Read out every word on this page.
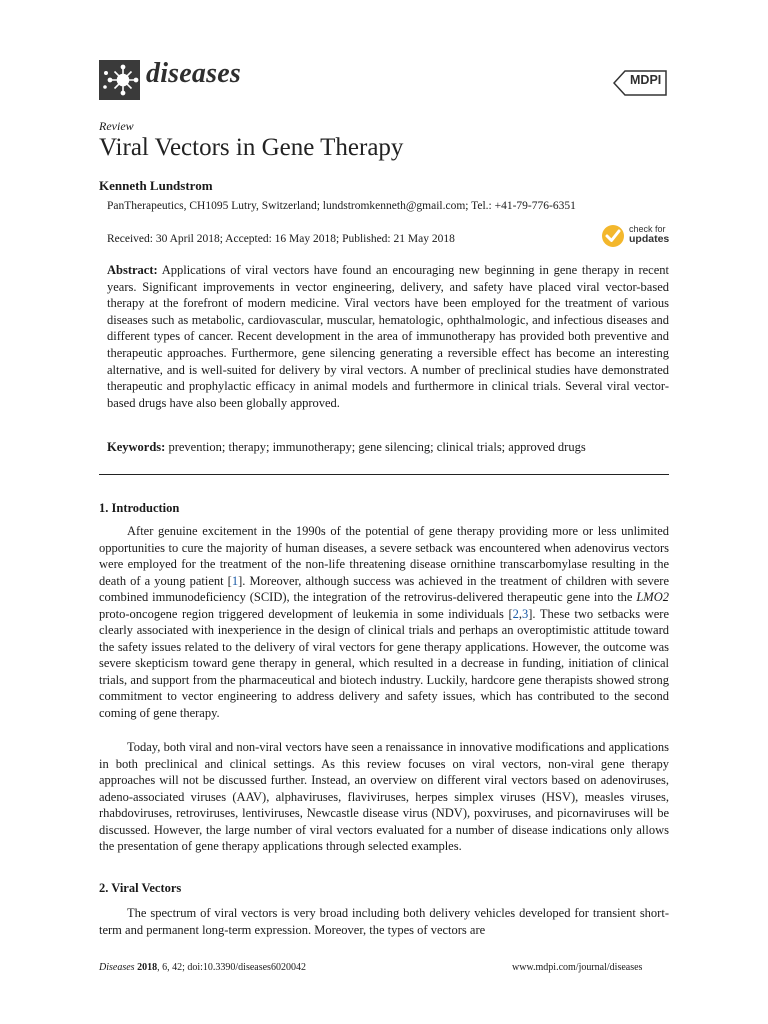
diseases	MDPI
Review
Viral Vectors in Gene Therapy
Kenneth Lundstrom
PanTherapeutics, CH1095 Lutry, Switzerland; lundstromkenneth@gmail.com; Tel.: +41-79-776-6351
Received: 30 April 2018; Accepted: 16 May 2018; Published: 21 May 2018
check for
updates

Abstract: Applications of viral vectors have found an encouraging new beginning in gene therapy in recent years. Significant improvements in vector engineering, delivery, and safety have placed viral vector-based therapy at the forefront of modern medicine. Viral vectors have been employed for the treatment of various diseases such as metabolic, cardiovascular, muscular, hematologic, ophthalmologic, and infectious diseases and different types of cancer. Recent development in the area of immunotherapy has provided both preventive and therapeutic approaches. Furthermore, gene silencing generating a reversible effect has become an interesting alternative, and is well-suited for delivery by viral vectors. A number of preclinical studies have demonstrated therapeutic and prophylactic efficacy in animal models and furthermore in clinical trials. Several viral vector-based drugs have also been globally approved.

Keywords: prevention; therapy; immunotherapy; gene silencing; clinical trials; approved drugs

1. Introduction

After genuine excitement in the 1990s of the potential of gene therapy providing more or less unlimited opportunities to cure the majority of human diseases, a severe setback was encountered when adenovirus vectors were employed for the treatment of the non-life threatening disease ornithine transcarbomylase resulting in the death of a young patient [1]. Moreover, although success was achieved in the treatment of children with severe combined immunodeficiency (SCID), the integration of the retrovirus-delivered therapeutic gene into the LMO2 proto-oncogene region triggered development of leukemia in some individuals [2,3]. These two setbacks were clearly associated with inexperience in the design of clinical trials and perhaps an overoptimistic attitude toward the safety issues related to the delivery of viral vectors for gene therapy applications. However, the outcome was severe skepticism toward gene therapy in general, which resulted in a decrease in funding, initiation of clinical trials, and support from the pharmaceutical and biotech industry. Luckily, hardcore gene therapists showed strong commitment to vector engineering to address delivery and safety issues, which has contributed to the second coming of gene therapy.

Today, both viral and non-viral vectors have seen a renaissance in innovative modifications and applications in both preclinical and clinical settings. As this review focuses on viral vectors, non-viral gene therapy approaches will not be discussed further. Instead, an overview on different viral vectors based on adenoviruses, adeno-associated viruses (AAV), alphaviruses, flaviviruses, herpes simplex viruses (HSV), measles viruses, rhabdoviruses, retroviruses, lentiviruses, Newcastle disease virus (NDV), poxviruses, and picornaviruses will be discussed. However, the large number of viral vectors evaluated for a number of disease indications only allows the presentation of gene therapy applications through selected examples.

2. Viral Vectors

The spectrum of viral vectors is very broad including both delivery vehicles developed for transient short-term and permanent long-term expression. Moreover, the types of vectors are

Diseases 2018, 6, 42; doi:10.3390/diseases6020042	www.mdpi.com/journal/diseases
